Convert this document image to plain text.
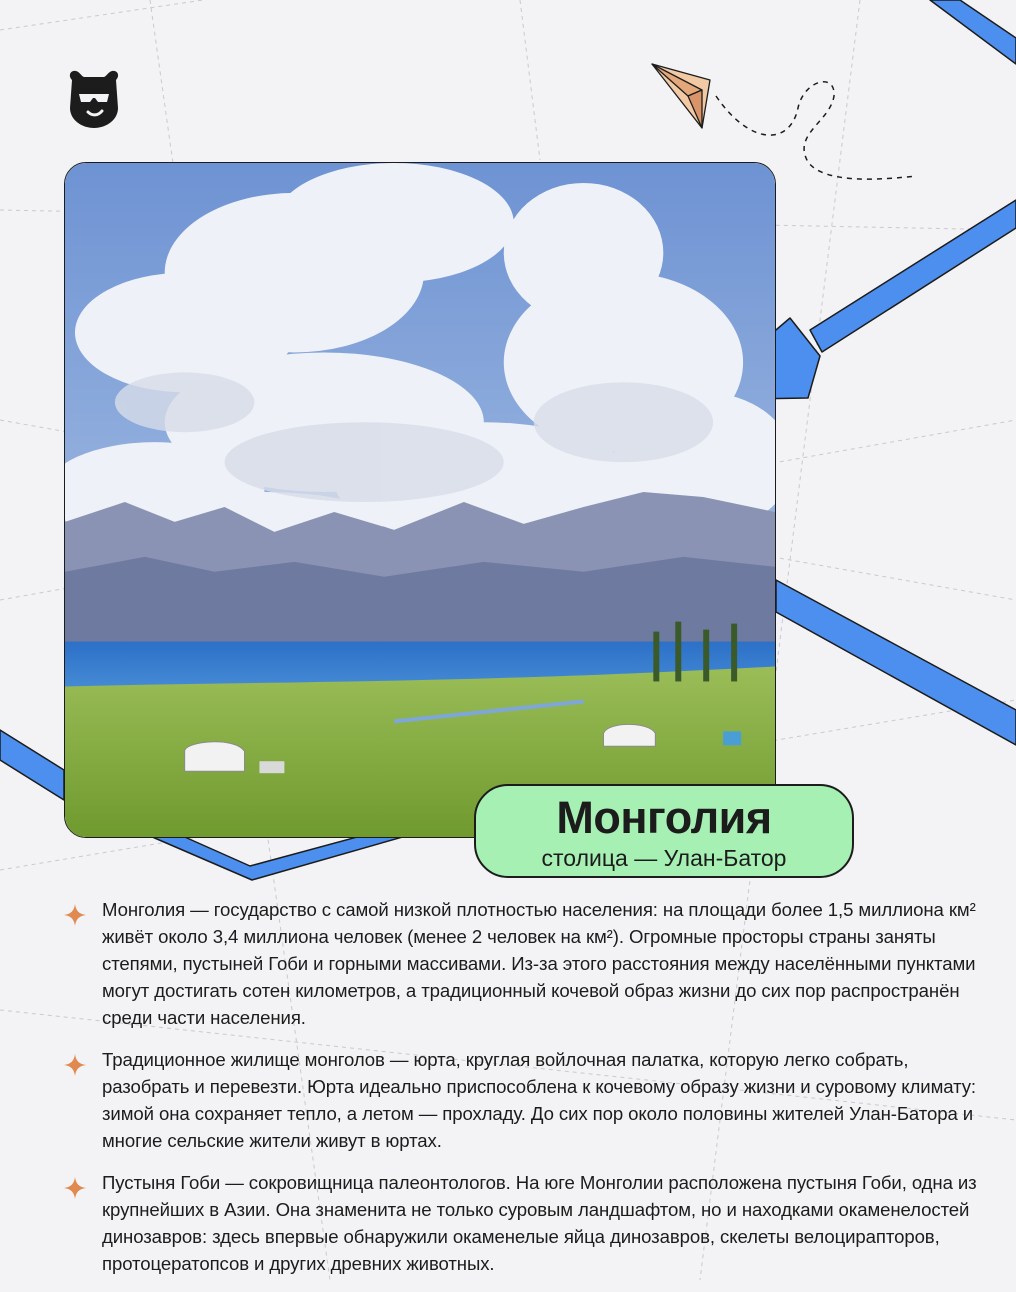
Монголия
столица — Улан-Батор
Монголия — государство с самой низкой плотностью населения: на площади более 1,5 миллиона км² живёт около 3,4 миллиона человек (менее 2 человек на км²). Огромные просторы страны заняты степями, пустыней Гоби и горными массивами. Из-за этого расстояния между населёнными пунктами могут достигать сотен километров, а традиционный кочевой образ жизни до сих пор распространён среди части населения.
Традиционное жилище монголов — юрта, круглая войлочная палатка, которую легко собрать, разобрать и перевезти. Юрта идеально приспособлена к кочевому образу жизни и суровому климату: зимой она сохраняет тепло, а летом — прохладу. До сих пор около половины жителей Улан-Батора и многие сельские жители живут в юртах.
Пустыня Гоби — сокровищница палеонтологов. На юге Монголии расположена пустыня Гоби, одна из крупнейших в Азии. Она знаменита не только суровым ландшафтом, но и находками окаменелостей динозавров: здесь впервые обнаружили окаменелые яйца динозавров, скелеты велоцирапторов, протоцератопсов и других древних животных.
